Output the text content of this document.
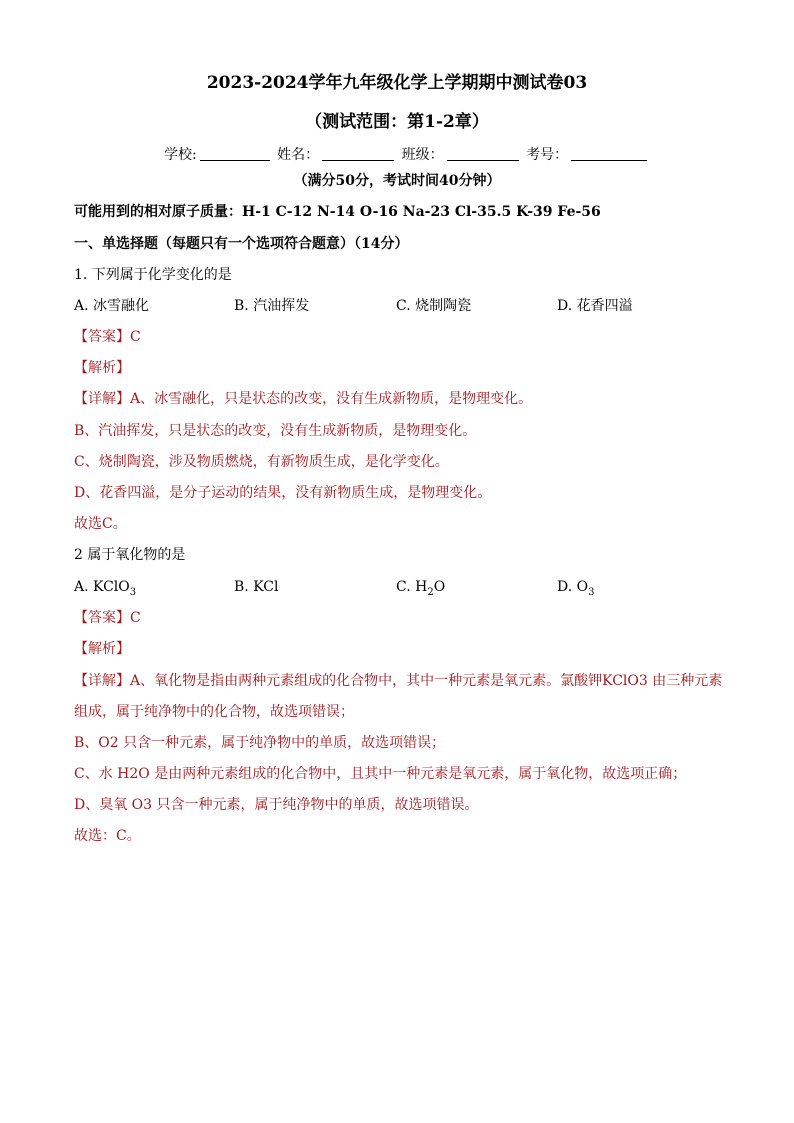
2023-2024学年九年级化学上学期期中测试卷03
（测试范围：第1-2章）
学校:	姓名：	班级：	考号：
（满分50分，考试时间40分钟）
可能用到的相对原子质量：H-1 C-12 N-14 O-16 Na-23 Cl-35.5 K-39 Fe-56
一、单选择题（每题只有一个选项符合题意）（14分）
1. 下列属于化学变化的是
A. 冰雪融化	B. 汽油挥发	C. 烧制陶瓷	D. 花香四溢
【答案】C
【解析】
【详解】A、冰雪融化，只是状态的改变，没有生成新物质，是物理变化。
B、汽油挥发，只是状态的改变，没有生成新物质，是物理变化。
C、烧制陶瓷，涉及物质燃烧，有新物质生成，是化学变化。
D、花香四溢，是分子运动的结果，没有新物质生成，是物理变化。
故选C。
2 属于氧化物的是
A. KClO$_3$	B. KCl	C. $H_2O$	D. $O_3$
【答案】C
【解析】
【详解】A、氧化物是指由两种元素组成的化合物中，其中一种元素是氧元素。氯酸钾KClO3 由三种元素
组成，属于纯净物中的化合物，故选项错误；
B、O2 只含一种元素，属于纯净物中的单质，故选项错误；
C、水 H2O 是由两种元素组成的化合物中，且其中一种元素是氧元素，属于氧化物，故选项正确；
D、臭氧 O3 只含一种元素，属于纯净物中的单质，故选项错误。
故选：C。
